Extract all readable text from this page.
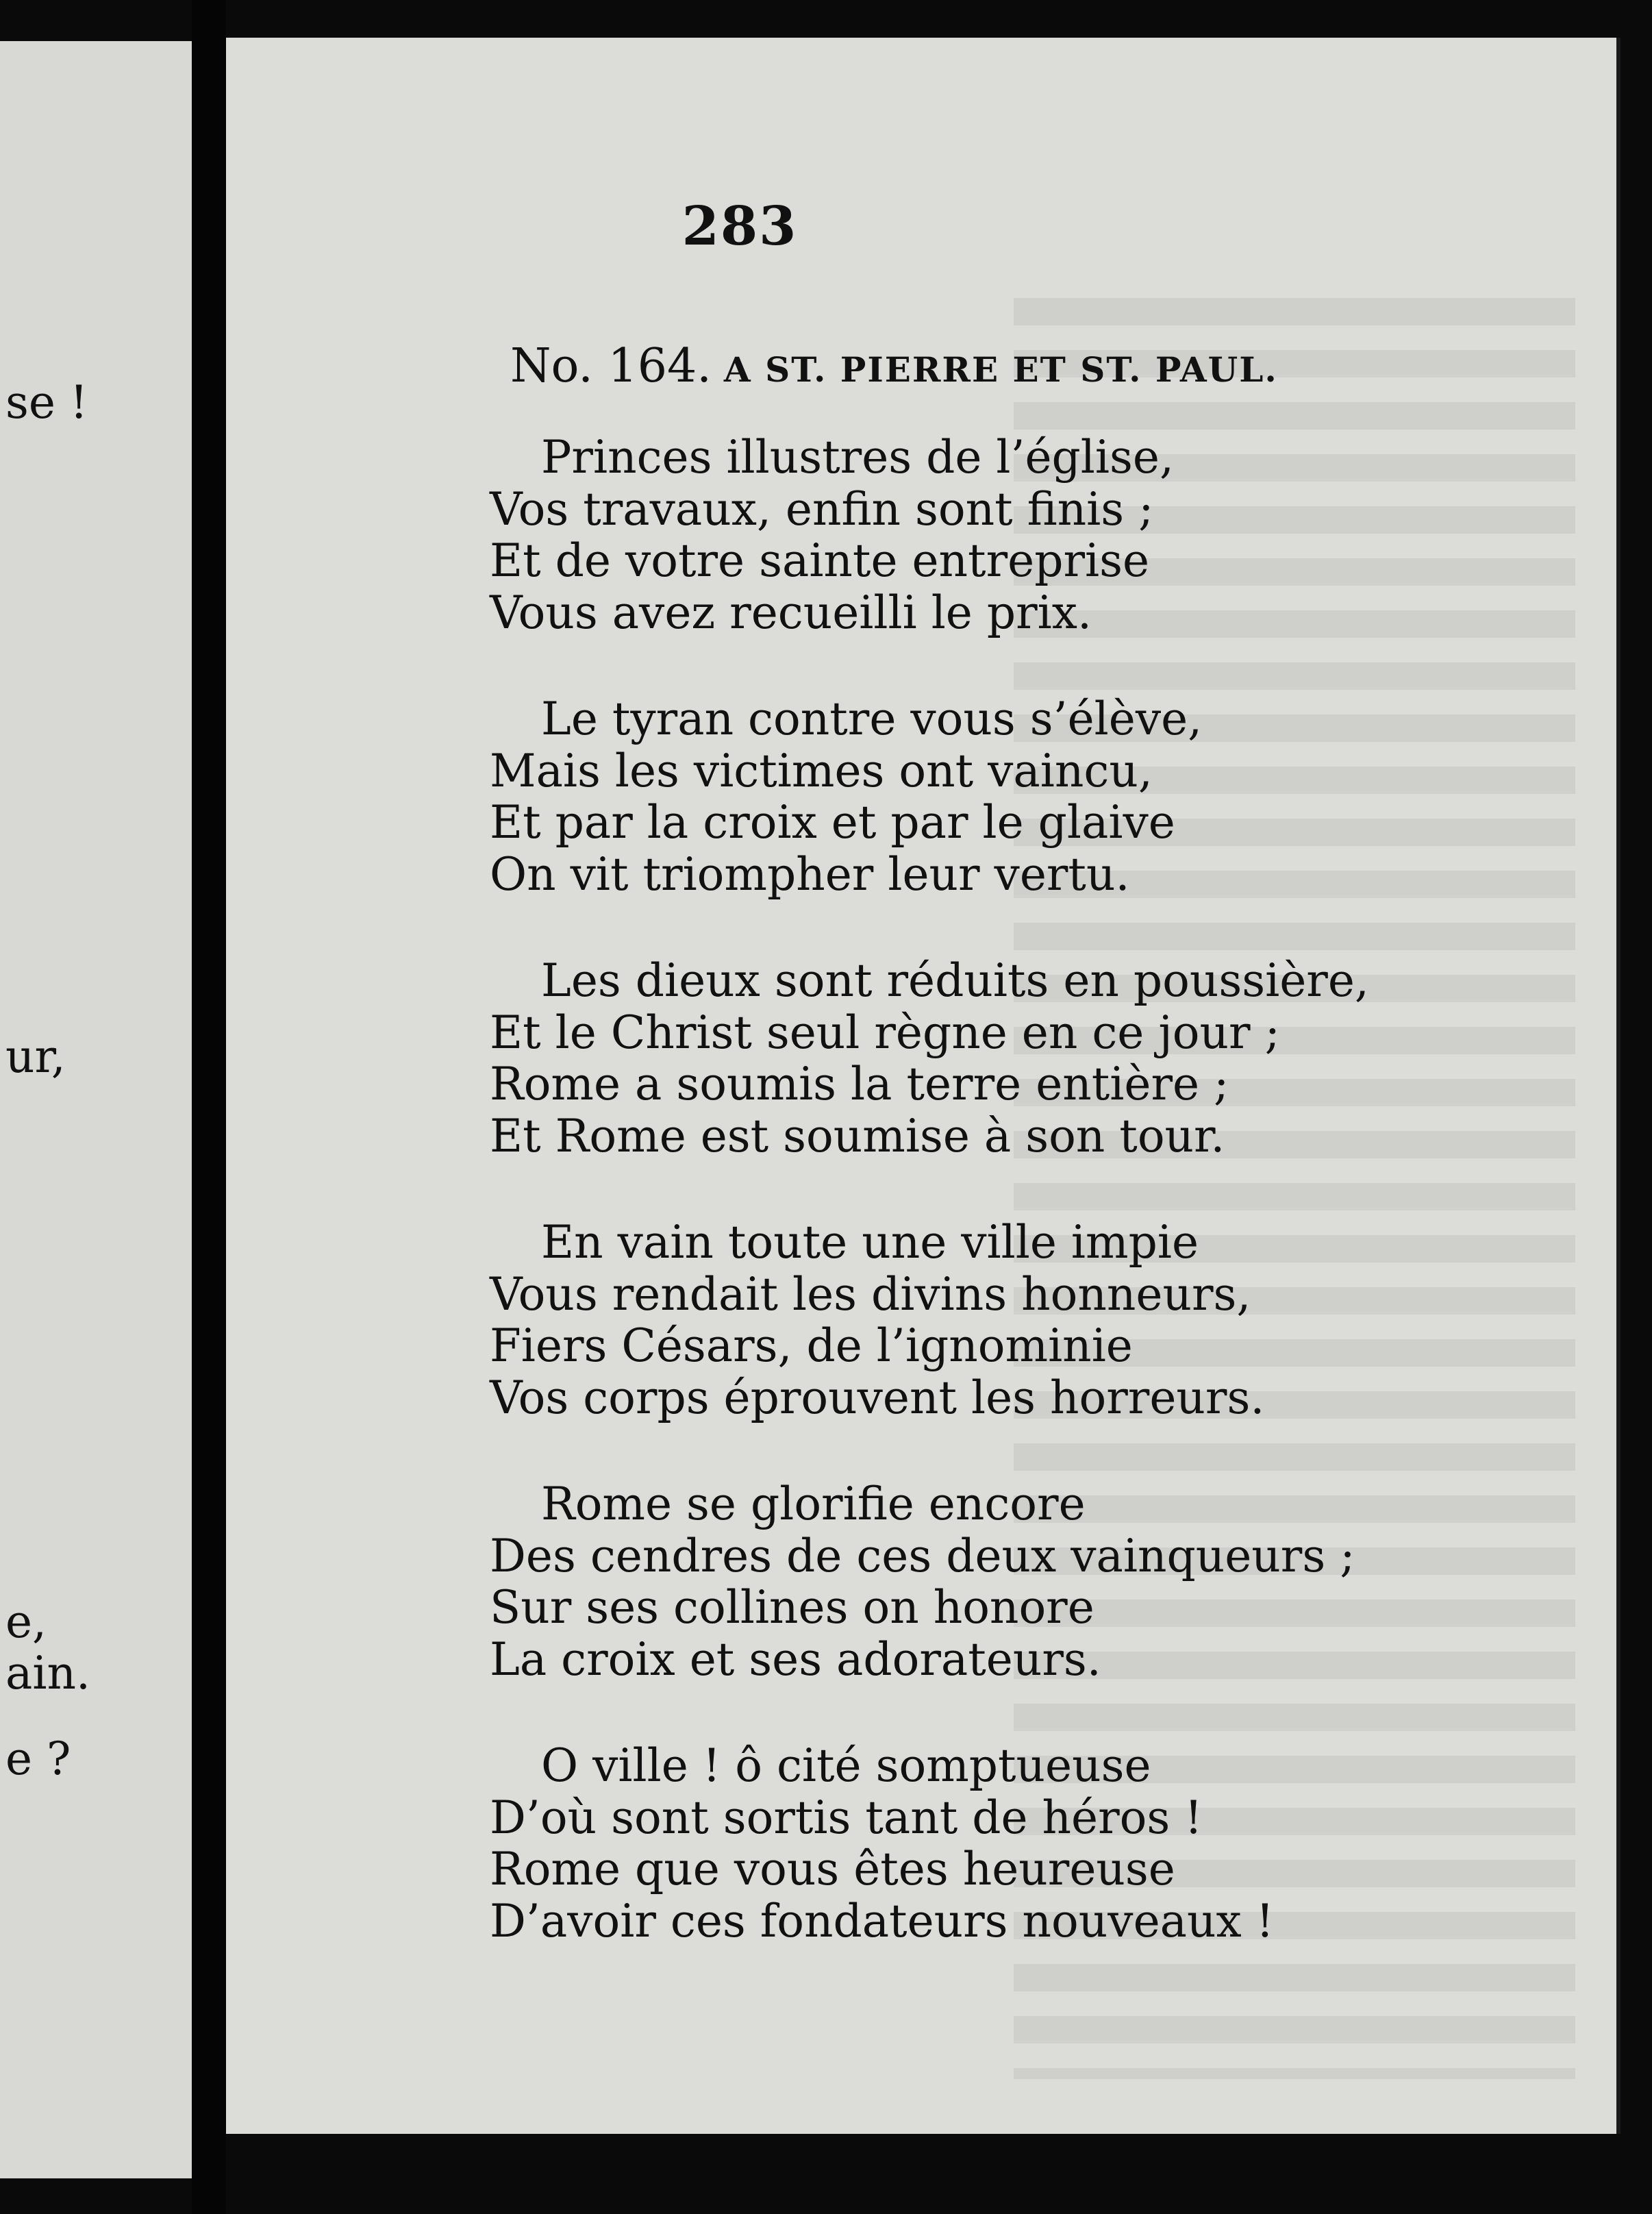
se !
ur,
e,
ain.
e ?
283
No. 164. A ST. PIERRE ET ST. PAUL.
Princes illustres de l’église,
Vos travaux, enfin sont finis ;
Et de votre sainte entreprise
Vous avez recueilli le prix.
Le tyran contre vous s’élève,
Mais les victimes ont vaincu,
Et par la croix et par le glaive
On vit triompher leur vertu.
Les dieux sont réduits en poussière,
Et le Christ seul règne en ce jour ;
Rome a soumis la terre entière ;
Et Rome est soumise à son tour.
En vain toute une ville impie
Vous rendait les divins honneurs,
Fiers Césars, de l’ignominie
Vos corps éprouvent les horreurs.
Rome se glorifie encore
Des cendres de ces deux vainqueurs ;
Sur ses collines on honore
La croix et ses adorateurs.
O ville ! ô cité somptueuse
D’où sont sortis tant de héros !
Rome que vous êtes heureuse
D’avoir ces fondateurs nouveaux !
